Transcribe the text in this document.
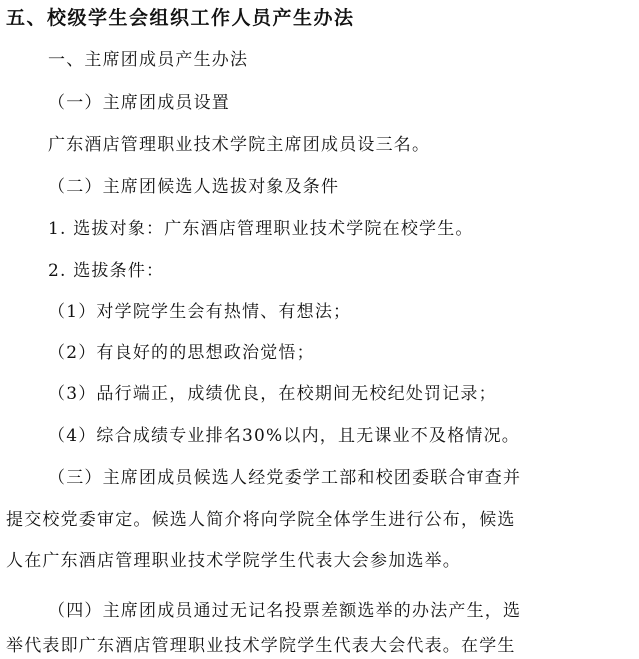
五、校级学生会组织工作人员产生办法
一、主席团成员产生办法
（一）主席团成员设置
广东酒店管理职业技术学院主席团成员设三名。
（二）主席团候选人选拔对象及条件
1. 选拔对象：广东酒店管理职业技术学院在校学生。
2. 选拔条件：
（1）对学院学生会有热情、有想法；
（2）有良好的的思想政治觉悟；
（3）品行端正，成绩优良，在校期间无校纪处罚记录；
（4）综合成绩专业排名30%以内，且无课业不及格情况。
（三）主席团成员候选人经党委学工部和校团委联合审查并
提交校党委审定。候选人简介将向学院全体学生进行公布，候选
人在广东酒店管理职业技术学院学生代表大会参加选举。
（四）主席团成员通过无记名投票差额选举的办法产生，选
举代表即广东酒店管理职业技术学院学生代表大会代表。在学生
